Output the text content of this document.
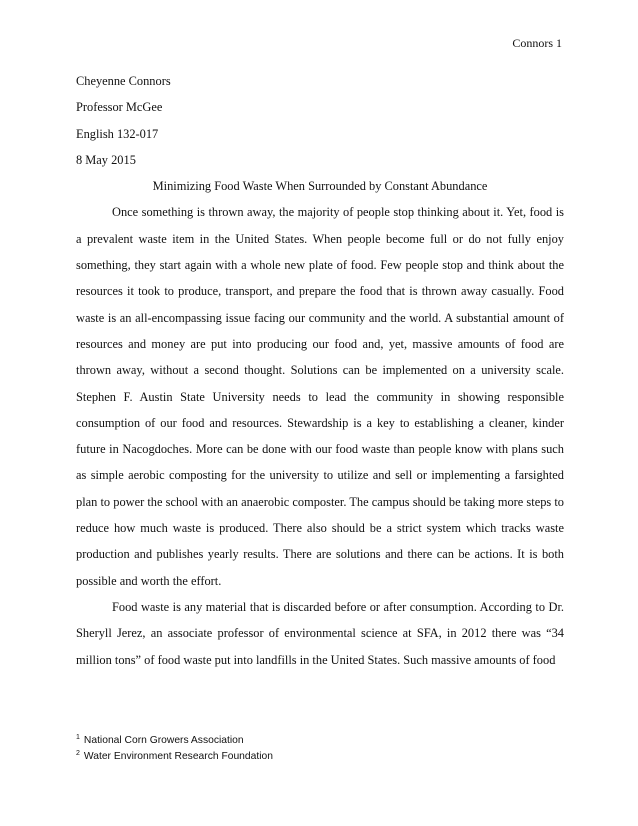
Connors 1

Cheyenne Connors

Professor McGee

English 132-017

8 May 2015

Minimizing Food Waste When Surrounded by Constant Abundance

Once something is thrown away, the majority of people stop thinking about it. Yet, food is a prevalent waste item in the United States. When people become full or do not fully enjoy something, they start again with a whole new plate of food. Few people stop and think about the resources it took to produce, transport, and prepare the food that is thrown away casually. Food waste is an all-encompassing issue facing our community and the world. A substantial amount of resources and money are put into producing our food and, yet, massive amounts of food are thrown away, without a second thought. Solutions can be implemented on a university scale. Stephen F. Austin State University needs to lead the community in showing responsible consumption of our food and resources. Stewardship is a key to establishing a cleaner, kinder future in Nacogdoches. More can be done with our food waste than people know with plans such as simple aerobic composting for the university to utilize and sell or implementing a farsighted plan to power the school with an anaerobic composter. The campus should be taking more steps to reduce how much waste is produced. There also should be a strict system which tracks waste production and publishes yearly results. There are solutions and there can be actions. It is both possible and worth the effort.

Food waste is any material that is discarded before or after consumption. According to Dr. Sheryll Jerez, an associate professor of environmental science at SFA, in 2012 there was “34 million tons” of food waste put into landfills in the United States. Such massive amounts of food

$^1$ National Corn Growers Association
$^2$ Water Environment Research Foundation
